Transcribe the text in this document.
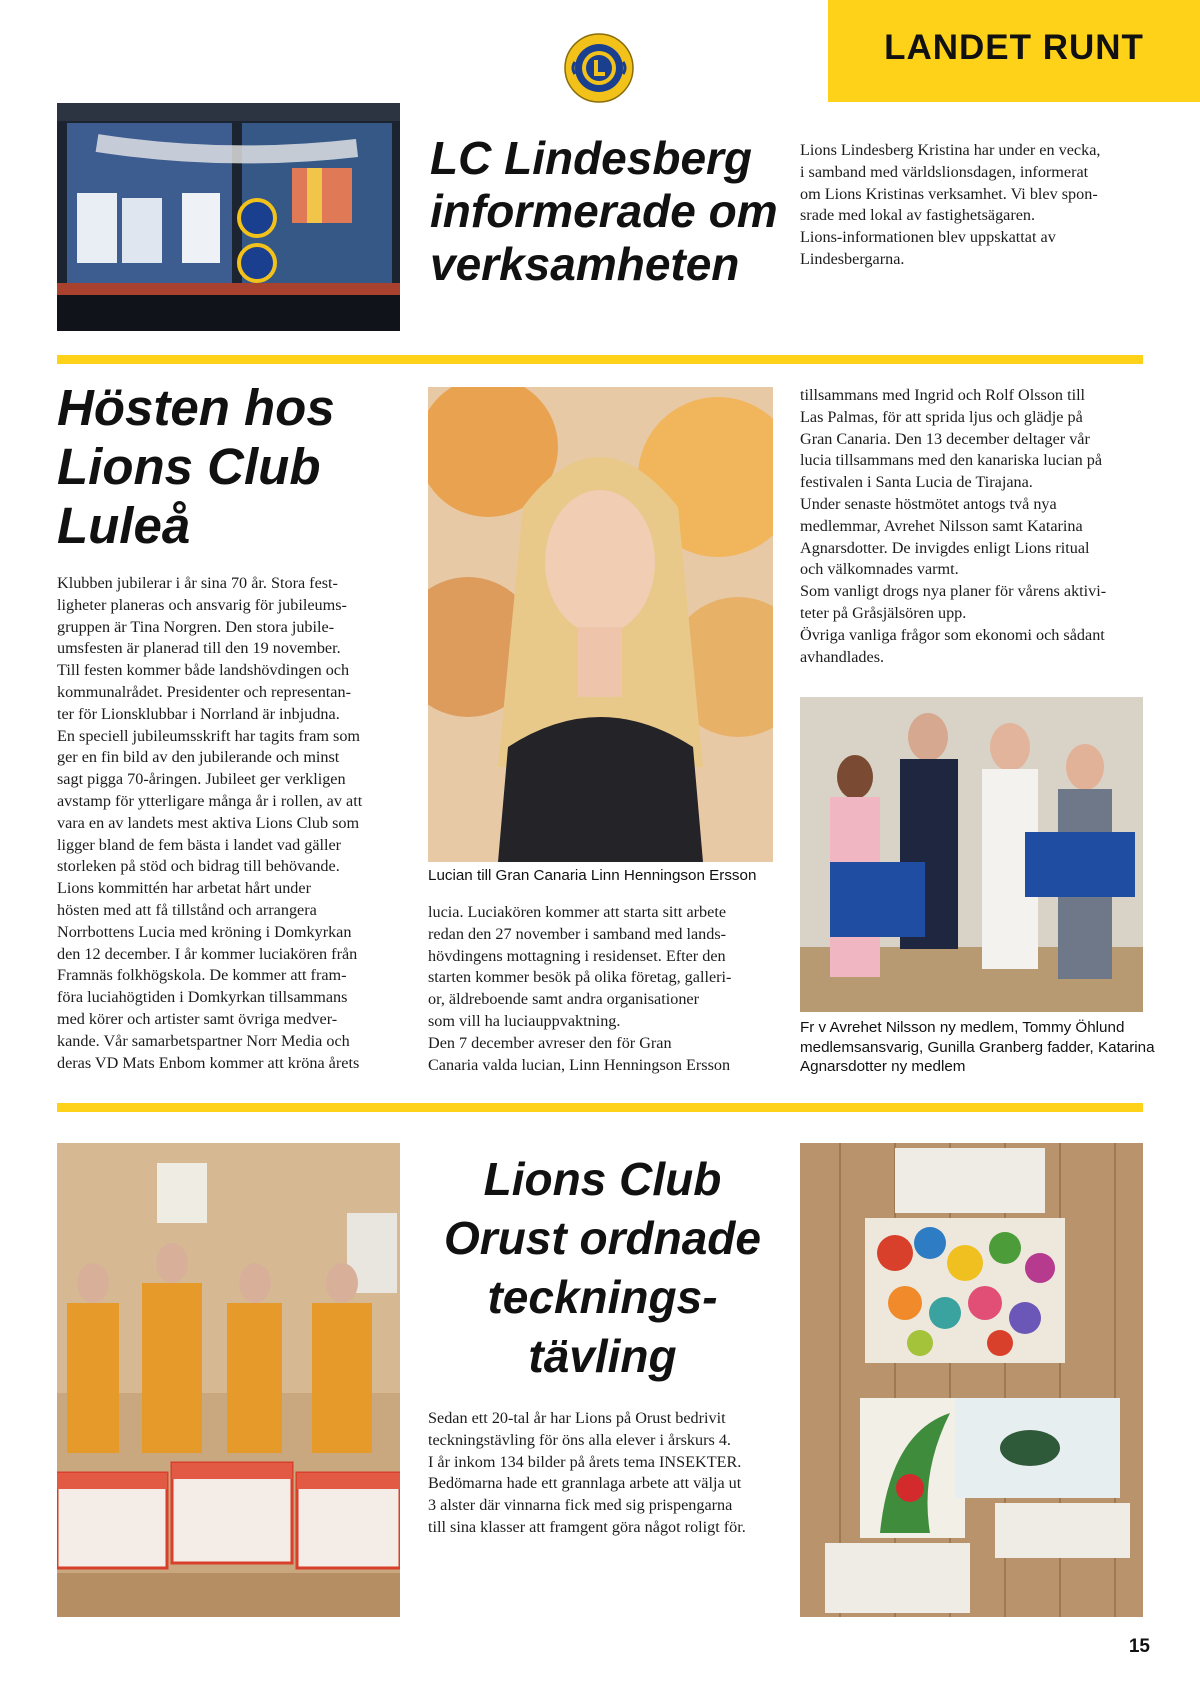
LANDET RUNT
LC Lindesberg informerade om verksamheten

Lions Lindesberg Kristina har under en vecka,
i samband med världslionsdagen, informerat
om Lions Kristinas verksamhet. Vi blev spon-
srade med lokal av fastighetsägaren.
Lions-informationen blev uppskattat av
Lindesbergarna.

Hösten hos Lions Club Luleå

Klubben jubilerar i år sina 70 år. Stora fest-
ligheter planeras och ansvarig för jubileums-
gruppen är Tina Norgren. Den stora jubile-
umsfesten är planerad till den 19 november.
Till festen kommer både landshövdingen och
kommunalrådet. Presidenter och representan-
ter för Lionsklubbar i Norrland är inbjudna.
En speciell jubileumsskrift har tagits fram som
ger en fin bild av den jubilerande och minst
sagt pigga 70-åringen. Jubileet ger verkligen
avstamp för ytterligare många år i rollen, av att
vara en av landets mest aktiva Lions Club som
ligger bland de fem bästa i landet vad gäller
storleken på stöd och bidrag till behövande.
Lions kommittén har arbetat hårt under
hösten med att få tillstånd och arrangera
Norrbottens Lucia med kröning i Domkyrkan
den 12 december. I år kommer luciakören från
Framnäs folkhögskola. De kommer att fram-
föra luciahögtiden i Domkyrkan tillsammans
med körer och artister samt övriga medver-
kande. Vår samarbetspartner Norr Media och
deras VD Mats Enbom kommer att kröna årets

Lucian till Gran Canaria Linn Henningson Ersson

lucia. Luciakören kommer att starta sitt arbete
redan den 27 november i samband med lands-
hövdingens mottagning i residenset. Efter den
starten kommer besök på olika företag, galleri-
or, äldreboende samt andra organisationer
som vill ha luciauppvaktning.
Den 7 december avreser den för Gran
Canaria valda lucian, Linn Henningson Ersson

tillsammans med Ingrid och Rolf Olsson till
Las Palmas, för att sprida ljus och glädje på
Gran Canaria. Den 13 december deltager vår
lucia tillsammans med den kanariska lucian på
festivalen i Santa Lucia de Tirajana.
Under senaste höstmötet antogs två nya
medlemmar, Avrehet Nilsson samt Katarina
Agnarsdotter. De invigdes enligt Lions ritual
och välkomnades varmt.
Som vanligt drogs nya planer för vårens aktivi-
teter på Gråsjälsören upp.
Övriga vanliga frågor som ekonomi och sådant
avhandlades.

Fr v Avrehet Nilsson ny medlem, Tommy Öhlund medlemsansvarig, Gunilla Granberg fadder, Katarina Agnarsdotter ny medlem

Lions Club Orust ordnade tecknings-tävling

Sedan ett 20-tal år har Lions på Orust bedrivit
teckningstävling för öns alla elever i årskurs 4.
I år inkom 134 bilder på årets tema INSEKTER.
Bedömarna hade ett grannlaga arbete att välja ut
3 alster där vinnarna fick med sig prispengarna
till sina klasser att framgent göra något roligt för.

15
